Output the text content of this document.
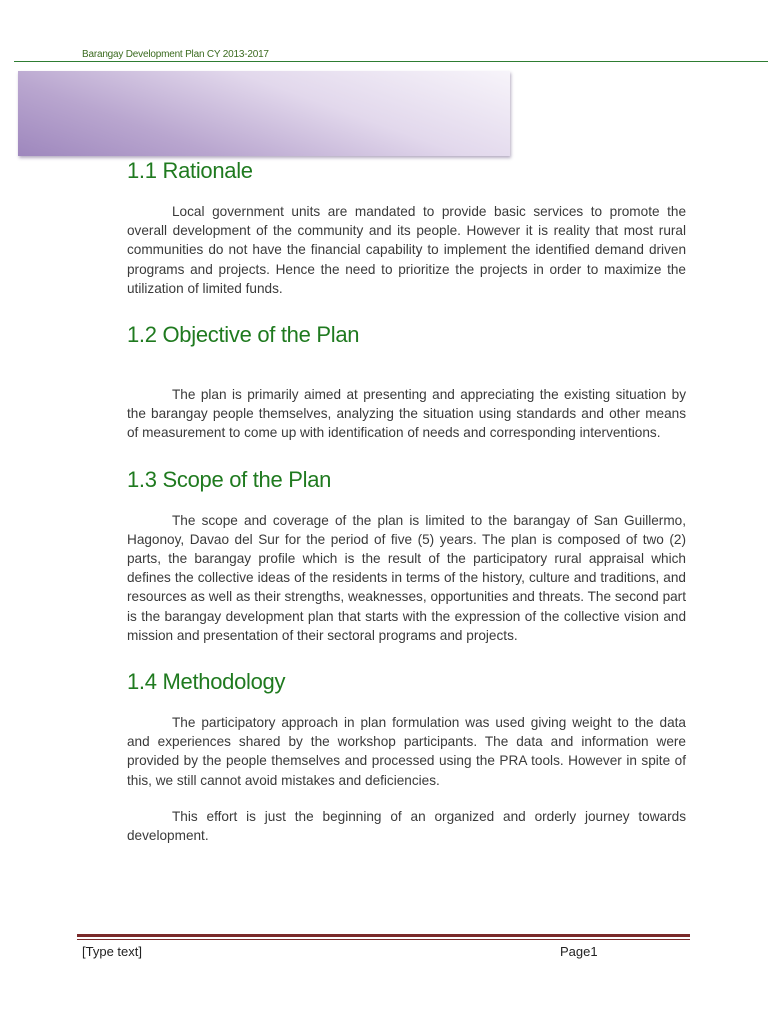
Barangay Development Plan CY 2013-2017
1.1 Rationale

Local government units are mandated to provide basic services to promote the overall development of the community and its people. However it is reality that most rural communities do not have the financial capability to implement the identified demand driven programs and projects. Hence the need to prioritize the projects in order to maximize the utilization of limited funds.

1.2 Objective of the Plan

The plan is primarily aimed at presenting and appreciating the existing situation by the barangay people themselves, analyzing the situation using standards and other means of measurement to come up with identification of needs and corresponding interventions.

1.3 Scope of the Plan

The scope and coverage of the plan is limited to the barangay of San Guillermo, Hagonoy, Davao del Sur for the period of five (5) years. The plan is composed of two (2) parts, the barangay profile which is the result of the participatory rural appraisal which defines the collective ideas of the residents in terms of the history, culture and traditions, and resources as well as their strengths, weaknesses, opportunities and threats. The second part is the barangay development plan that starts with the expression of the collective vision and mission and presentation of their sectoral programs and projects.

1.4 Methodology

The participatory approach in plan formulation was used giving weight to the data and experiences shared by the workshop participants. The data and information were provided by the people themselves and processed using the PRA tools. However in spite of this, we still cannot avoid mistakes and deficiencies.

This effort is just the beginning of an organized and orderly journey towards development.

[Type text]	Page1
